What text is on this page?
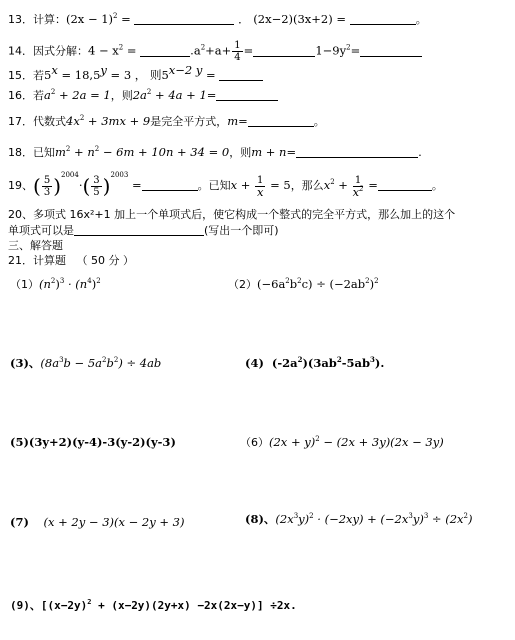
13．计算：$(2x - 1)^2$ =	． (2x−2)(3x+2) =	。
14．因式分解：$4 - x^2$ =	$.a^2+a+ \frac{1}{4}$ =	$1-9y^2=$
15．若$5^x = 18,5^y = 3$ ， 则$5^{x-2 y}$ =
16．若$a^2 + 2a = 1$，则$2a^2 + 4a + 1=$
17．代数式$4x^2 + 3mx + 9$是完全平方式，m=	。
18．已知$m^2 + n^2 - 6m + 10n + 34 = 0$，则m + n=	.
19、( $\frac{5}{3} )^{2004}\cdot( \frac{3}{5} )^{2003}$ =	。已知$x + \frac{1}{x} = 5$，那么$x^2 + \frac{1}{x^2}$ =	。
20、多项式 16x²+1 加上一个单项式后，使它构成一个整式的完全平方式，那么加上的这个
单项式可以是	(写出一个即可)
三、解答题
21．计算题 （ 50 分 ）
$(1)(n^2)^3 \cdot (n^4)^2$	$(2)(-6a^2b^2c) \div (-2ab^2)^2$
(3)、$(8a^3b - 5a^2b^2) \div 4ab$	(4) $(-2a^2)(3ab^2-5ab^3)$.
(5)(3y+2)(y-4)-3(y-2)(y-3)	$(6)(2x + y)^2 - (2x + 3y)(2x - 3y)$
(7) (x + 2y − 3)(x − 2y + 3)	(8)、$(2x^3y)^2 \cdot (-2xy) + (-2x^3y)^3 \div (2x^2)$
(9)、$[(x-2y)^2 + (x-2y)(2y+x) -2x(2x-y)] \div 2x$.
